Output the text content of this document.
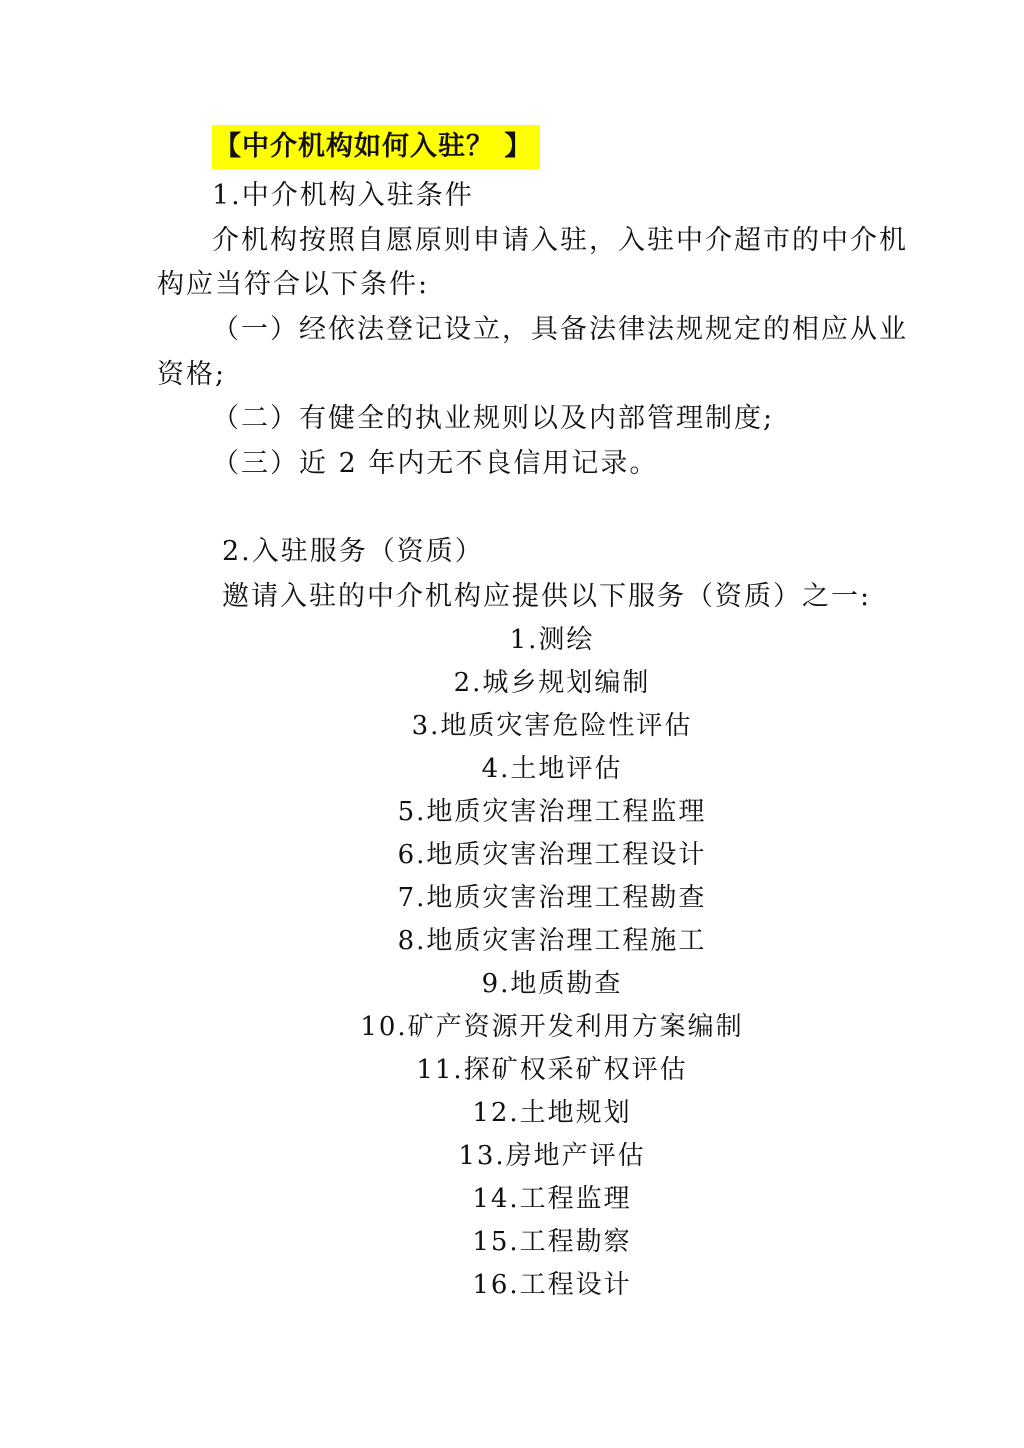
【中介机构如何入驻？ 】
1.中介机构入驻条件
介机构按照自愿原则申请入驻，入驻中介超市的中介机
构应当符合以下条件:
（一）经依法登记设立，具备法律法规规定的相应从业
资格;
（二）有健全的执业规则以及内部管理制度;
（三）近 2 年内无不良信用记录。
2.入驻服务（资质）
邀请入驻的中介机构应提供以下服务（资质）之一:
1.测绘
2.城乡规划编制
3.地质灾害危险性评估
4.土地评估
5.地质灾害治理工程监理
6.地质灾害治理工程设计
7.地质灾害治理工程勘查
8.地质灾害治理工程施工
9.地质勘查
10.矿产资源开发利用方案编制
11.探矿权采矿权评估
12.土地规划
13.房地产评估
14.工程监理
15.工程勘察
16.工程设计
